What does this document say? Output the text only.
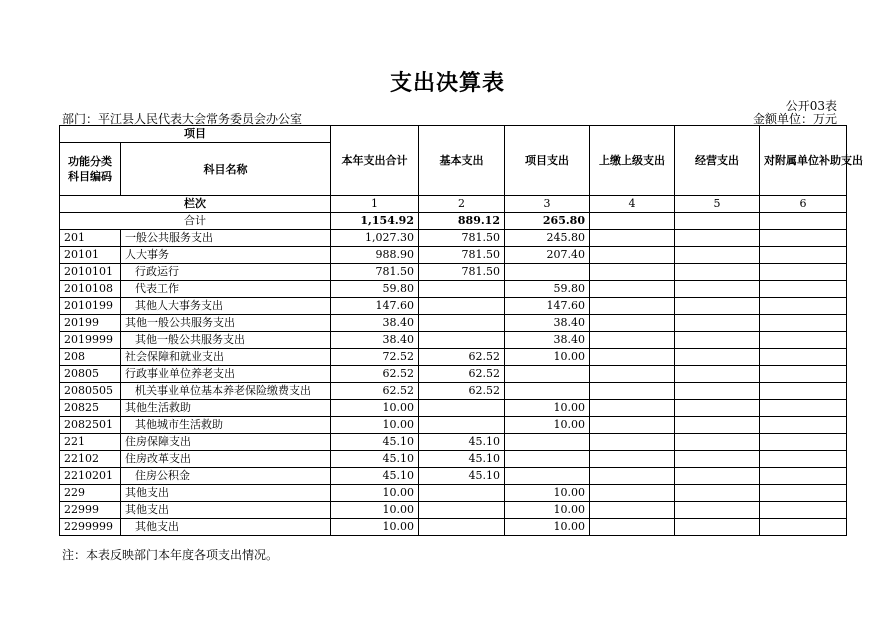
支出决算表
公开03表
部门：平江县人民代表大会常务委员会办公室	金额单位：万元
项目		本年支出合计	基本支出	项目支出	上缴上级支出	经营支出	对附属单位补助支出
功能分类科目编码	科目名称						
栏次		1	2	3	4	5	6
合计		1,154.92	889.12	265.80			
201	一般公共服务支出	1,027.30	781.50	245.80			
20101	人大事务	988.90	781.50	207.40			
2010101	行政运行	781.50	781.50				
2010108	代表工作	59.80		59.80			
2010199	其他人大事务支出	147.60		147.60			
20199	其他一般公共服务支出	38.40		38.40			
2019999	其他一般公共服务支出	38.40		38.40			
208	社会保障和就业支出	72.52	62.52	10.00			
20805	行政事业单位养老支出	62.52	62.52				
2080505	机关事业单位基本养老保险缴费支出	62.52	62.52				
20825	其他生活救助	10.00		10.00			
2082501	其他城市生活救助	10.00		10.00			
221	住房保障支出	45.10	45.10				
22102	住房改革支出	45.10	45.10				
2210201	住房公积金	45.10	45.10				
229	其他支出	10.00		10.00			
22999	其他支出	10.00		10.00			
2299999	其他支出	10.00		10.00			
注：本表反映部门本年度各项支出情况。
